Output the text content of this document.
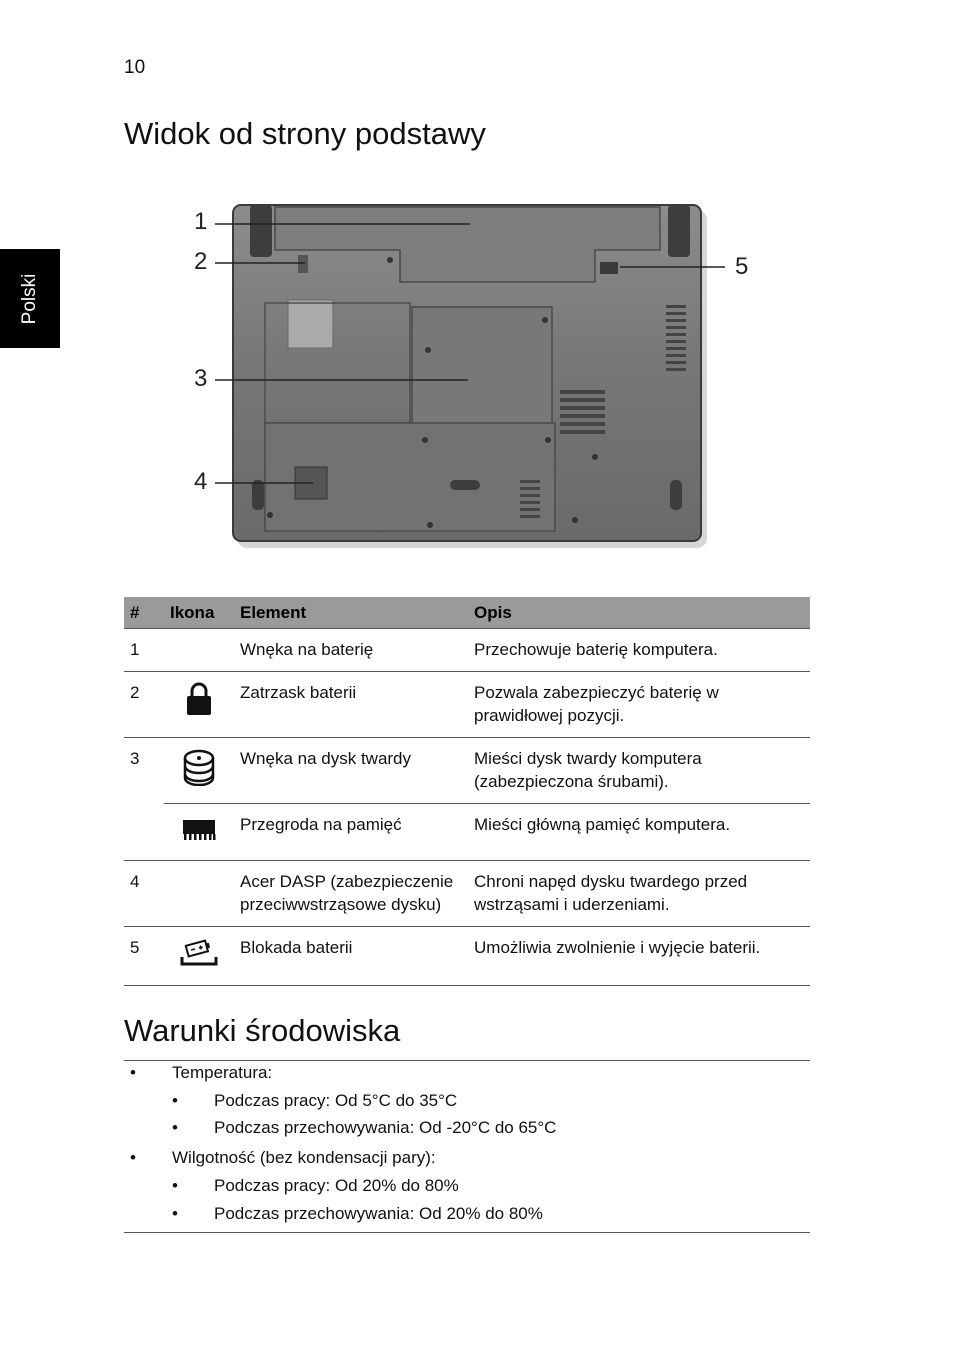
10
Polski
Widok od strony podstawy
1
2
3
4
5
#	Ikona	Element	Opis
1		Wnęka na baterię	Przechowuje baterię komputera.
2		Zatrzask baterii	Pozwala zabezpieczyć baterię w prawidłowej pozycji.
3		Wnęka na dysk twardy	Mieści dysk twardy komputera (zabezpieczona śrubami).
		Przegroda na pamięć	Mieści główną pamięć komputera.
4		Acer DASP (zabezpieczenie przeciwwstrząsowe dysku)	Chroni napęd dysku twardego przed wstrząsami i uderzeniami.
5		Blokada baterii	Umożliwia zwolnienie i wyjęcie baterii.
Warunki środowiska
• Temperatura:
• Podczas pracy: Od 5°C do 35°C
• Podczas przechowywania: Od -20°C do 65°C
• Wilgotność (bez kondensacji pary):
• Podczas pracy: Od 20% do 80%
• Podczas przechowywania: Od 20% do 80%
